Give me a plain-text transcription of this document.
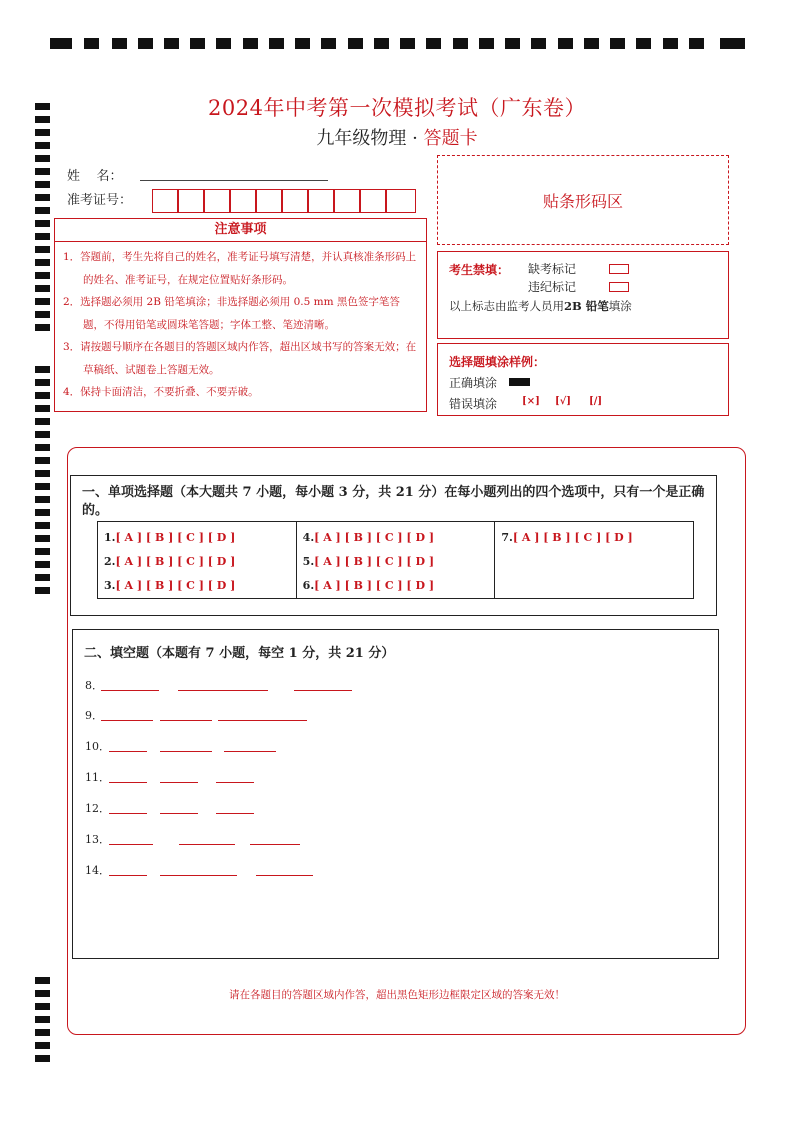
2024年中考第一次模拟考试（广东卷）
九年级物理 · 答题卡
姓    名：
准考证号：	贴条形码区
注意事项
1．答题前，考生先将自己的姓名，准考证号填写清楚，并认真核准条形码上的姓名、准考证号，在规定位置贴好条形码。
2．选择题必须用 2B 铅笔填涂；非选择题必须用 0.5 mm 黑色签字笔答题，不得用铅笔或圆珠笔答题；字体工整、笔迹清晰。
3．请按题号顺序在各题目的答题区域内作答，超出区域书写的答案无效；在草稿纸、试题卷上答题无效。
4．保持卡面清洁，不要折叠、不要弄破。
考生禁填： 缺考标记
违纪标记
以上标志由监考人员用2B 铅笔填涂
选择题填涂样例：
正确填涂
错误填涂 [×] [√] [/]
一、单项选择题（本大题共 7 小题，每小题 3 分，共 21 分）在每小题列出的四个选项中，只有一个是正确的。
1.[ A ] [ B ] [ C ] [ D ]
2.[ A ] [ B ] [ C ] [ D ]
3.[ A ] [ B ] [ C ] [ D ]
4.[ A ] [ B ] [ C ] [ D ]
5.[ A ] [ B ] [ C ] [ D ]
6.[ A ] [ B ] [ C ] [ D ]
7.[ A ] [ B ] [ C ] [ D ]
二、填空题（本题有 7 小题，每空 1 分，共 21 分）
8．
9．
10．
11．
12．
13．
14．
请在各题目的答题区域内作答，超出黑色矩形边框限定区域的答案无效！
